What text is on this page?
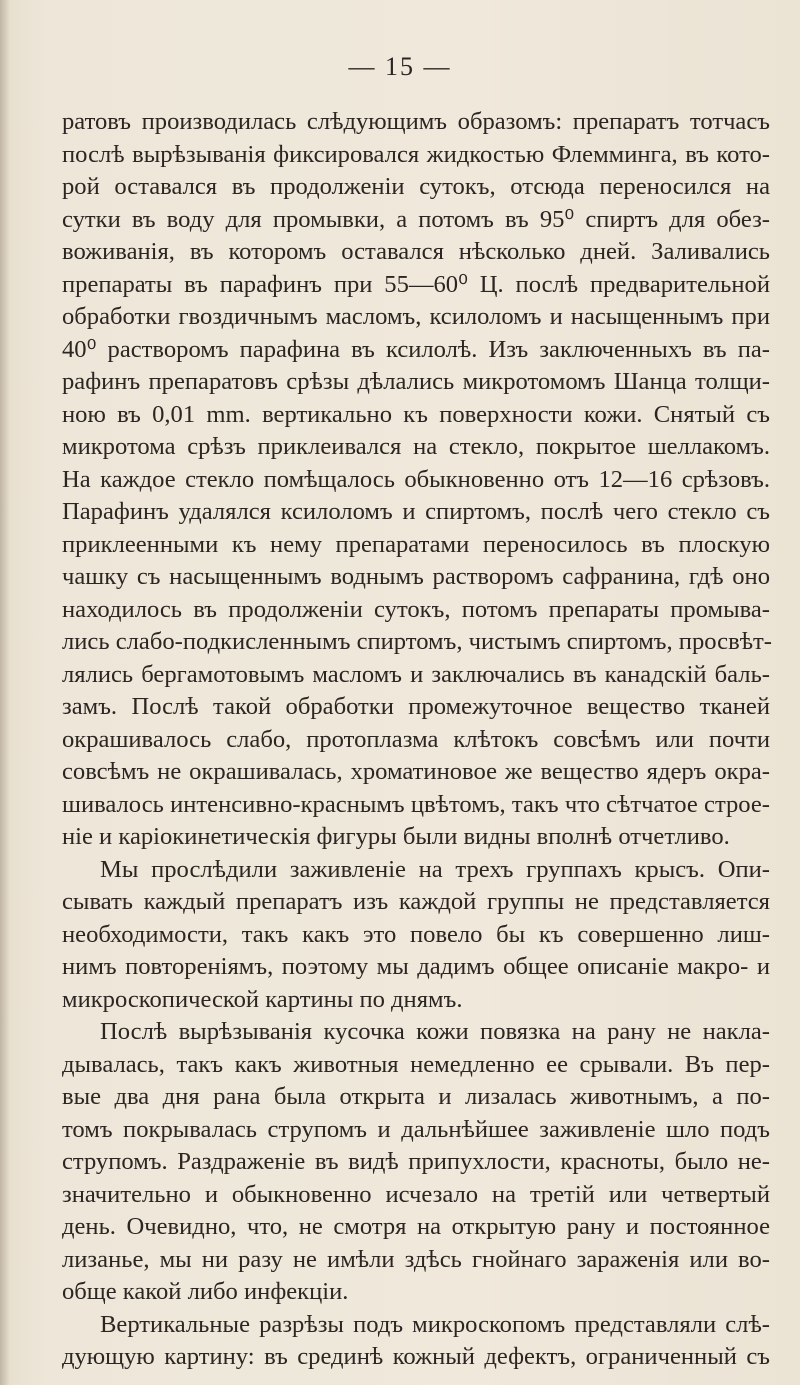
— 15 —
ратовъ производилась слѣдующимъ образомъ: препаратъ тотчасъ
послѣ вырѣзыванія фиксировался жидкостью Флемминга, въ кото-
рой оставался въ продолженіи сутокъ, отсюда переносился на
сутки въ воду для промывки, а потомъ въ 95⁰ спиртъ для обез-
воживанія, въ которомъ оставался нѣсколько дней. Заливались
препараты въ парафинъ при 55—60⁰ Ц. послѣ предварительной
обработки гвоздичнымъ масломъ, ксилоломъ и насыщеннымъ при
40⁰ растворомъ парафина въ ксилолѣ. Изъ заключенныхъ въ па-
рафинъ препаратовъ срѣзы дѣлались микротомомъ Шанца толщи-
ною въ 0,01 mm. вертикально къ поверхности кожи. Снятый съ
микротома срѣзъ приклеивался на стекло, покрытое шеллакомъ.
На каждое стекло помѣщалось обыкновенно отъ 12—16 срѣзовъ.
Парафинъ удалялся ксилоломъ и спиртомъ, послѣ чего стекло съ
приклеенными къ нему препаратами переносилось въ плоскую
чашку съ насыщеннымъ воднымъ растворомъ сафранина, гдѣ оно
находилось въ продолженіи сутокъ, потомъ препараты промыва-
лись слабо-подкисленнымъ спиртомъ, чистымъ спиртомъ, просвѣт-
лялись бергамотовымъ масломъ и заключались въ канадскій баль-
замъ. Послѣ такой обработки промежуточное вещество тканей
окрашивалось слабо, протоплазма клѣтокъ совсѣмъ или почти
совсѣмъ не окрашивалась, хроматиновое же вещество ядеръ окра-
шивалось интенсивно-краснымъ цвѣтомъ, такъ что сѣтчатое строе-
ніе и каріокинетическія фигуры были видны вполнѣ отчетливо.
Мы прослѣдили заживленіе на трехъ группахъ крысъ. Опи-
сывать каждый препаратъ изъ каждой группы не представляется
необходимости, такъ какъ это повело бы къ совершенно лиш-
нимъ повтореніямъ, поэтому мы дадимъ общее описаніе макро- и
микроскопической картины по днямъ.
Послѣ вырѣзыванія кусочка кожи повязка на рану не накла-
дывалась, такъ какъ животныя немедленно ее срывали. Въ пер-
вые два дня рана была открыта и лизалась животнымъ, а по-
томъ покрывалась струпомъ и дальнѣйшее заживленіе шло подъ
струпомъ. Раздраженіе въ видѣ припухлости, красноты, было не-
значительно и обыкновенно исчезало на третій или четвертый
день. Очевидно, что, не смотря на открытую рану и постоянное
лизанье, мы ни разу не имѣли здѣсь гнойнаго зараженія или во-
обще какой либо инфекціи.
Вертикальные разрѣзы подъ микроскопомъ представляли слѣ-
дующую картину: въ срединѣ кожный дефектъ, ограниченный съ
